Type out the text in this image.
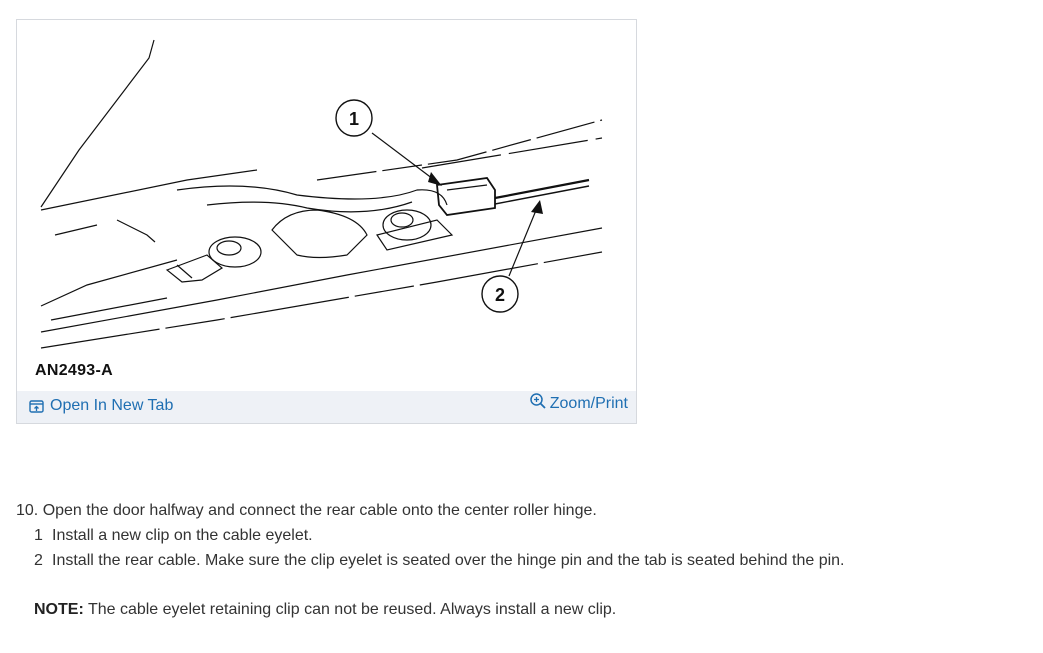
1
2
AN2493-A
Open In New Tab	Zoom/Print
10. Open the door halfway and connect the rear cable onto the center roller hinge.
1 Install a new clip on the cable eyelet.
2 Install the rear cable. Make sure the clip eyelet is seated over the hinge pin and the tab is seated behind the pin.
NOTE: The cable eyelet retaining clip can not be reused. Always install a new clip.
